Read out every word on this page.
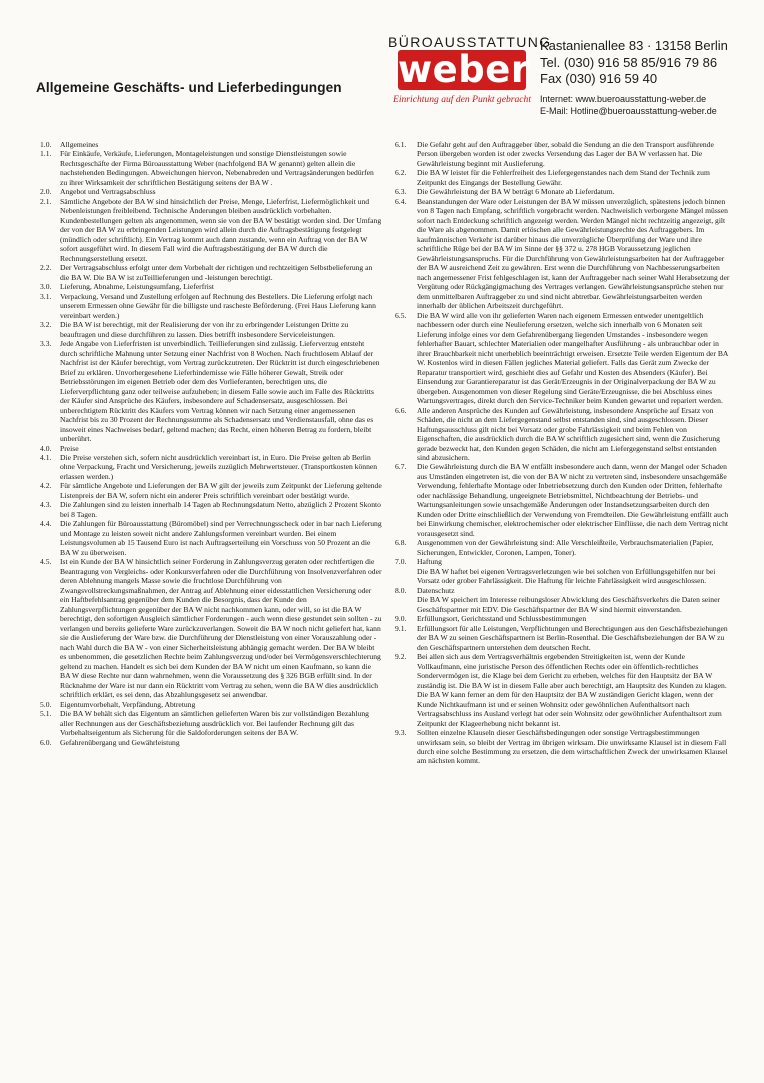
Allgemeine Geschäfts- und Lieferbedingungen
BÜROAUSSTATTUNG
weber
Einrichtung auf den Punkt gebracht
Kastanienallee 83 · 13158 Berlin
Tel. (030) 916 58 85/916 79 86
Fax (030) 916 59 40
Internet: www.bueroausstattung-weber.de
E-Mail: Hotline@bueroausstattung-weber.de
1.0.	Allgemeines
1.1.	Für Einkäufe, Verkäufe, Lieferungen, Montageleistungen und sonstige Dienstleistungen sowie Rechtsgeschäfte der Firma Büroausstattung Weber (nachfolgend BA W genannt) gelten allein die nachstehenden Bedingungen. Abweichungen hiervon, Nebenabreden und Vertragsänderungen bedürfen zu ihrer Wirksamkeit der schriftlichen Bestätigung seitens der BA W .
2.0.	Angebot und Vertragsabschluss
2.1.	Sämtliche Angebote der BA W sind hinsichtlich der Preise, Menge, Lieferfrist, Liefermöglichkeit und Nebenleistungen freibleibend. Technische Änderungen bleiben ausdrücklich vorbehalten. Kundenbestellungen gelten als angenommen, wenn sie von der BA W bestätigt worden sind. Der Umfang der von der BA W zu erbringenden Leistungen wird allein durch die Auftragsbestätigung festgelegt (mündlich oder schriftlich). Ein Vertrag kommt auch dann zustande, wenn ein Auftrag von der BA W sofort ausgeführt wird. In diesem Fall wird die Auftragsbestätigung der BA W durch die Rechnungserstellung ersetzt.
2.2.	Der Vertragsabschluss erfolgt unter dem Vorbehalt der richtigen und rechtzeitigen Selbstbelieferung an die BA W. Die BA W ist zuTeillieferungen und -leistungen berechtigt.
3.0.	Lieferung, Abnahme, Leistungsumfang, Lieferfrist
3.1.	Verpackung, Versand und Zustellung erfolgen auf Rechnung des Bestellers. Die Lieferung erfolgt nach unserem Ermessen ohne Gewähr für die billigste und rascheste Beförderung. (Frei Haus Lieferung kann vereinbart werden.)
3.2.	Die BA W ist berechtigt, mit der Realisierung der von ihr zu erbringender Leistungen Dritte zu beauftragen und diese durchführen zu lassen. Dies betrifft insbesondere Serviceleistungen.
3.3.	Jede Angabe von Lieferfristen ist unverbindlich. Teillieferungen sind zulässig. Lieferverzug entsteht durch schriftliche Mahnung unter Setzung einer Nachfrist von 8 Wochen. Nach fruchtlosem Ablauf der Nachfrist ist der Käufer berechtigt, vom Vertrag zurückzutreten. Der Rücktritt ist durch eingeschriebenen Brief zu erklären. Unvorhergesehene Lieferhindernisse wie Fälle höherer Gewalt, Streik oder Betriebsstörungen im eigenen Betrieb oder dem des Vorlieferanten, berechtigen uns, die Lieferverpflichtung ganz oder teilweise aufzuheben; in diesem Falle sowie auch im Falle des Rücktritts der Käufer sind Ansprüche des Käufers, insbesondere auf Schadensersatz, ausgeschlossen. Bei unberechtigtem Rücktritt des Käufers vom Vertrag können wir nach Setzung einer angemessenen Nachfrist bis zu 30 Prozent der Rechnungssumme als Schadensersatz und Verdienstausfall, ohne das es insoweit eines Nachweises bedarf, geltend machen; das Recht, einen höheren Betrag zu fordern, bleibt unberührt.
4.0.	Preise
4.1.	Die Preise verstehen sich, sofern nicht ausdrücklich vereinbart ist, in Euro. Die Preise gelten ab Berlin ohne Verpackung, Fracht und Versicherung, jeweils zuzüglich Mehrwertsteuer. (Transportkosten können erlassen werden.)
4.2.	Für sämtliche Angebote und Lieferungen der BA W gilt der jeweils zum Zeitpunkt der Lieferung geltende Listenpreis der BA W, sofern nicht ein anderer Preis schriftlich vereinbart oder bestätigt wurde.
4.3.	Die Zahlungen sind zu leisten innerhalb 14 Tagen ab Rechnungsdatum Netto, abzüglich 2 Prozent Skonto bei 8 Tagen.
4.4.	Die Zahlungen für Büroausstattung (Büromöbel) sind per Verrechnungsscheck oder in bar nach Lieferung und Montage zu leisten soweit nicht andere Zahlungsformen vereinbart wurden. Bei einem Leistungsvolumen ab 15 Tausend Euro ist nach Auftragserteilung ein Vorschuss von 50 Prozent an die BA W zu überweisen.
4.5.	Ist ein Kunde der BA W hinsichtlich seiner Forderung in Zahlungsverzug geraten oder rechtfertigen die Beantragung von Vergleichs- oder Konkursverfahren oder die Durchführung von Insolvenzverfahren oder deren Ablehnung mangels Masse sowie die fruchtlose Durchführung von Zwangsvollstreckungsmaßnahmen, der Antrag auf Ablehnung einer eidesstattlichen Versicherung oder ein Haftbefehlsantrag gegenüber dem Kunden die Besorgnis, dass der Kunde den Zahlungsverpflichtungen gegenüber der BA W nicht nachkommen kann, oder will, so ist die BA W berechtigt, den sofortigen Ausgleich sämtlicher Forderungen - auch wenn diese gestundet sein sollten - zu verlangen und bereits gelieferte Ware zurückzuverlangen. Soweit die BA W noch nicht geliefert hat, kann sie die Auslieferung der Ware bzw. die Durchführung der Dienstleistung von einer Vorauszahlung oder - nach Wahl durch die BA W - von einer Sicherheitsleistung abhängig gemacht werden. Der BA W bleibt es unbenommen, die gesetzlichen Rechte beim Zahlungsverzug und/oder bei Vermögensverschlechterung geltend zu machen. Handelt es sich bei dem Kunden der BA W nicht um einen Kaufmann, so kann die BA W diese Rechte nur dann wahrnehmen, wenn die Voraussetzung des § 326 BGB erfüllt sind. In der Rücknahme der Ware ist nur dann ein Rücktritt vom Vertrag zu sehen, wenn die BA W dies ausdrücklich schriftlich erklärt, es sei denn, das Abzahlungsgesetz sei anwendbar.
5.0.	Eigentumvorbehalt, Verpfändung, Abtretung
5.1.	Die BA W behält sich das Eigentum an sämtlichen gelieferten Waren bis zur vollständigen Bezahlung aller Rechnungen aus der Geschäftsbeziehung ausdrücklich vor. Bei laufender Rechnung gilt das Vorbehaltseigentum als Sicherung für die Saldoforderungen seitens der BA W.
6.0.	Gefahrenübergang und Gewährleistung
6.1.	Die Gefahr geht auf den Auftraggeber über, sobald die Sendung an die den Transport ausführende Person übergeben worden ist oder zwecks Versendung das Lager der BA W verlassen hat. Die Gewährleistung beginnt mit Auslieferung.
6.2.	Die BA W leistet für die Fehlerfreiheit des Liefergegenstandes nach dem Stand der Technik zum Zeitpunkt des Eingangs der Bestellung Gewähr.
6.3.	Die Gewährleistung der BA W beträgt 6 Monate ab Lieferdatum.
6.4.	Beanstandungen der Ware oder Leistungen der BA W müssen unverzüglich, spätestens jedoch binnen von 8 Tagen nach Empfang, schriftlich vorgebracht werden. Nachweislich verborgene Mängel müssen sofort nach Entdeckung schriftlich angezeigt werden. Werden Mängel nicht rechtzeitig angezeigt, gilt die Ware als abgenommen. Damit erlöschen alle Gewährleistungsrechte des Auftraggebers. Im kaufmännischen Verkehr ist darüber hinaus die unverzügliche Überprüfung der Ware und ihre schriftliche Rüge bei der BA W im Sinne der §§ 372 u. 278 HGB Voraussetzung jeglichen Gewährleistungsanspruchs. Für die Durchführung von Gewährleistungsarbeiten hat der Auftraggeber der BA W ausreichend Zeit zu gewähren. Erst wenn die Durchführung von Nachbesserungsarbeiten nach angemessener Frist fehlgeschlagen ist, kann der Auftraggeber nach seiner Wahl Herabsetzung der Vergütung oder Rückgängigmachung des Vertrages verlangen. Gewährleistungsansprüche stehen nur dem unmittelbaren Auftraggeber zu und sind nicht abtretbar. Gewährleistungsarbeiten werden innerhalb der üblichen Arbeitszeit durchgeführt.
6.5.	Die BA W wird alle von ihr gelieferten Waren nach eigenem Ermessen entweder unentgeltlich nachbessern oder durch eine Neulieferung ersetzen, welche sich innerhalb von 6 Monaten seit Lieferung infolge eines vor dem Gefahrenübergang liegenden Umstandes - insbesondere wegen fehlerhafter Bauart, schlechter Materialien oder mangelhafter Ausführung - als unbrauchbar oder in ihrer Brauchbarkeit nicht unerheblich beeinträchtigt erweisen. Ersetzte Teile werden Eigentum der BA W. Kostenlos wird in diesen Fällen jegliches Material geliefert. Falls das Gerät zum Zwecke der Reparatur transportiert wird, geschieht dies auf Gefahr und Kosten des Absenders (Käufer). Bei Einsendung zur Garantiereparatur ist das Gerät/Erzeugnis in der Originalverpackung der BA W zu übergeben. Ausgenommen von dieser Regelung sind Geräte/Erzeugnisse, die bei Abschluss eines Wartungsvertrages, direkt durch den Service-Techniker beim Kunden gewartet und repariert werden.
6.6.	Alle anderen Ansprüche des Kunden auf Gewährleistung, insbesondere Ansprüche auf Ersatz von Schäden, die nicht an dem Liefergegenstand selbst entstanden sind, sind ausgeschlossen. Dieser Haftungsausschluss gilt nicht bei Vorsatz oder grobe Fahrlässigkeit und beim Fehlen von Eigenschaften, die ausdrücklich durch die BA W schriftlich zugesichert sind, wenn die Zusicherung gerade bezweckt hat, den Kunden gegen Schäden, die nicht am Liefergegenstand selbst entstanden sind abzusichern.
6.7.	Die Gewährleistung durch die BA W entfällt insbesondere auch dann, wenn der Mangel oder Schaden aus Umständen eingetreten ist, die von der BA W nicht zu vertreten sind, insbesondere unsachgemäße Verwendung, fehlerhafte Montage oder Inbetriebsetzung durch den Kunden oder Dritten, fehlerhafte oder nachlässige Behandlung, ungeeignete Betriebsmittel, Nichtbeachtung der Betriebs- und Wartungsanleitungen sowie unsachgemäße Änderungen oder Instandsetzungsarbeiten durch den Kunden oder Dritte einschließlich der Verwendung von Fremdteilen. Die Gewährleistung entfällt auch bei Einwirkung chemischer, elektrochemischer oder elektrischer Einflüsse, die nach dem Vertrag nicht vorausgesetzt sind.
6.8.	Ausgenommen von der Gewährleistung sind: Alle Verschleißteile, Verbrauchsmaterialien (Papier, Sicherungen, Entwickler, Coronen, Lampen, Toner).
7.0.	Haftung
Die BA W haftet bei eigenen Vertragsverletzungen wie bei solchen von Erfüllungsgehilfen nur bei Vorsatz oder grober Fahrlässigkeit. Die Haftung für leichte Fahrlässigkeit wird ausgeschlossen.
8.0.	Datenschutz
Die BA W speichert im Interesse reibungsloser Abwicklung des Geschäftsverkehrs die Daten seiner Geschäftspartner mit EDV. Die Geschäftspartner der BA W sind hiermit einverstanden.
9.0.	Erfüllungsort, Gerichtsstand und Schlussbestimmungen
9.1.	Erfüllungsort für alle Leistungen, Verpflichtungen und Berechtigungen aus den Geschäftsbeziehungen der BA W zu seinen Geschäftspartnern ist Berlin-Rosenthal. Die Geschäftsbeziehungen der BA W zu den Geschäftspartnern unterstehen dem deutschen Recht.
9.2.	Bei allen sich aus dem Vertragsverhältnis ergebenden Streitigkeiten ist, wenn der Kunde Vollkaufmann, eine juristische Person des öffentlichen Rechts oder ein öffentlich-rechtliches Sondervermögen ist, die Klage bei dem Gericht zu erheben, welches für den Hauptsitz der BA W zuständig ist. Die BA W ist in diesem Falle aber auch berechtigt, am Hauptsitz des Kunden zu klagen. Die BA W kann ferner an dem für den Hauptsitz der BA W zuständigen Gericht klagen, wenn der Kunde Nichtkaufmann ist und er seinen Wohnsitz oder gewöhnlichen Aufenthaltsort nach Vertragsabschluss ins Ausland verlegt hat oder sein Wohnsitz oder gewöhnlicher Aufenthaltsort zum Zeitpunkt der Klageerhebung nicht bekannt ist.
9.3.	Sollten einzelne Klauseln dieser Geschäftsbedingungen oder sonstige Vertragsbestimmungen unwirksam sein, so bleibt der Vertrag im übrigen wirksam. Die unwirksame Klausel ist in diesem Fall durch eine solche Bestimmung zu ersetzen, die dem wirtschaftlichen Zweck der unwirksamen Klausel am nächsten kommt.
